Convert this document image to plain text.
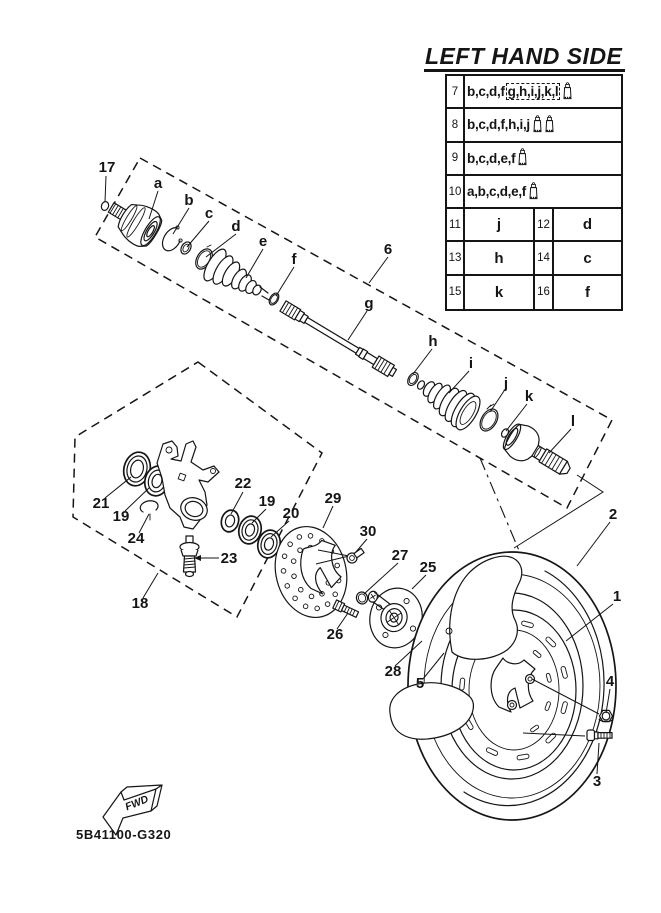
17
a
b
c
d
e
f
6
g
h
i
j
k
l
2
1
4
3
21
19
24
18
23
22
19
20
29
30
27
25
26
28
5
FWD
LEFT HAND SIDE
7 b,c,d,f g,h,i,j,k,l
8 b,c,d,f,h,i,j
9 b,c,d,e,f
10 a,b,c,d,e,f
11	j	12	d
13	h	14	c
15	k	16	f
5B41100-G320
